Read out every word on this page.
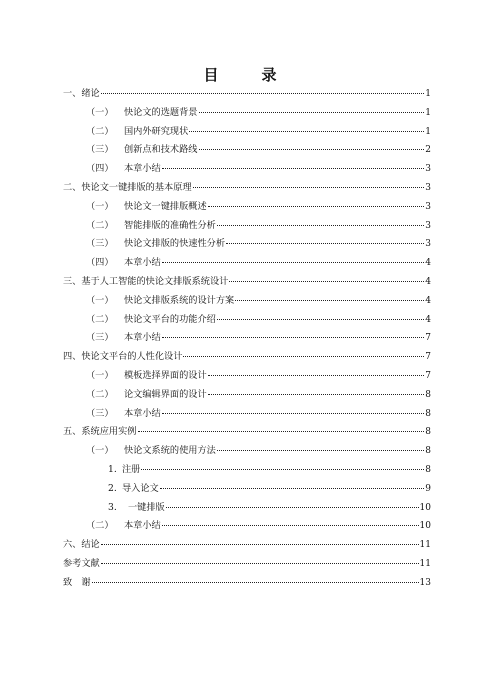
目　录
一、绪论	1
（一） 快论文的选题背景	1
（二） 国内外研究现状	1
（三） 创新点和技术路线	2
（四） 本章小结	3
二、快论文一键排版的基本原理	3
（一） 快论文一键排版概述	3
（二） 智能排版的准确性分析	3
（三） 快论文排版的快速性分析	3
（四） 本章小结	4
三、基于人工智能的快论文排版系统设计	4
（一） 快论文排版系统的设计方案	4
（二） 快论文平台的功能介绍	4
（三） 本章小结	7
四、快论文平台的人性化设计	7
（一） 模板选择界面的设计	7
（二） 论文编辑界面的设计	8
（三） 本章小结	8
五、系统应用实例	8
（一） 快论文系统的使用方法	8
1. 注册	8
2. 导入论文	9
3. 一键排版	10
（二） 本章小结	10
六、结论	11
参考文献	11
致　谢	13
